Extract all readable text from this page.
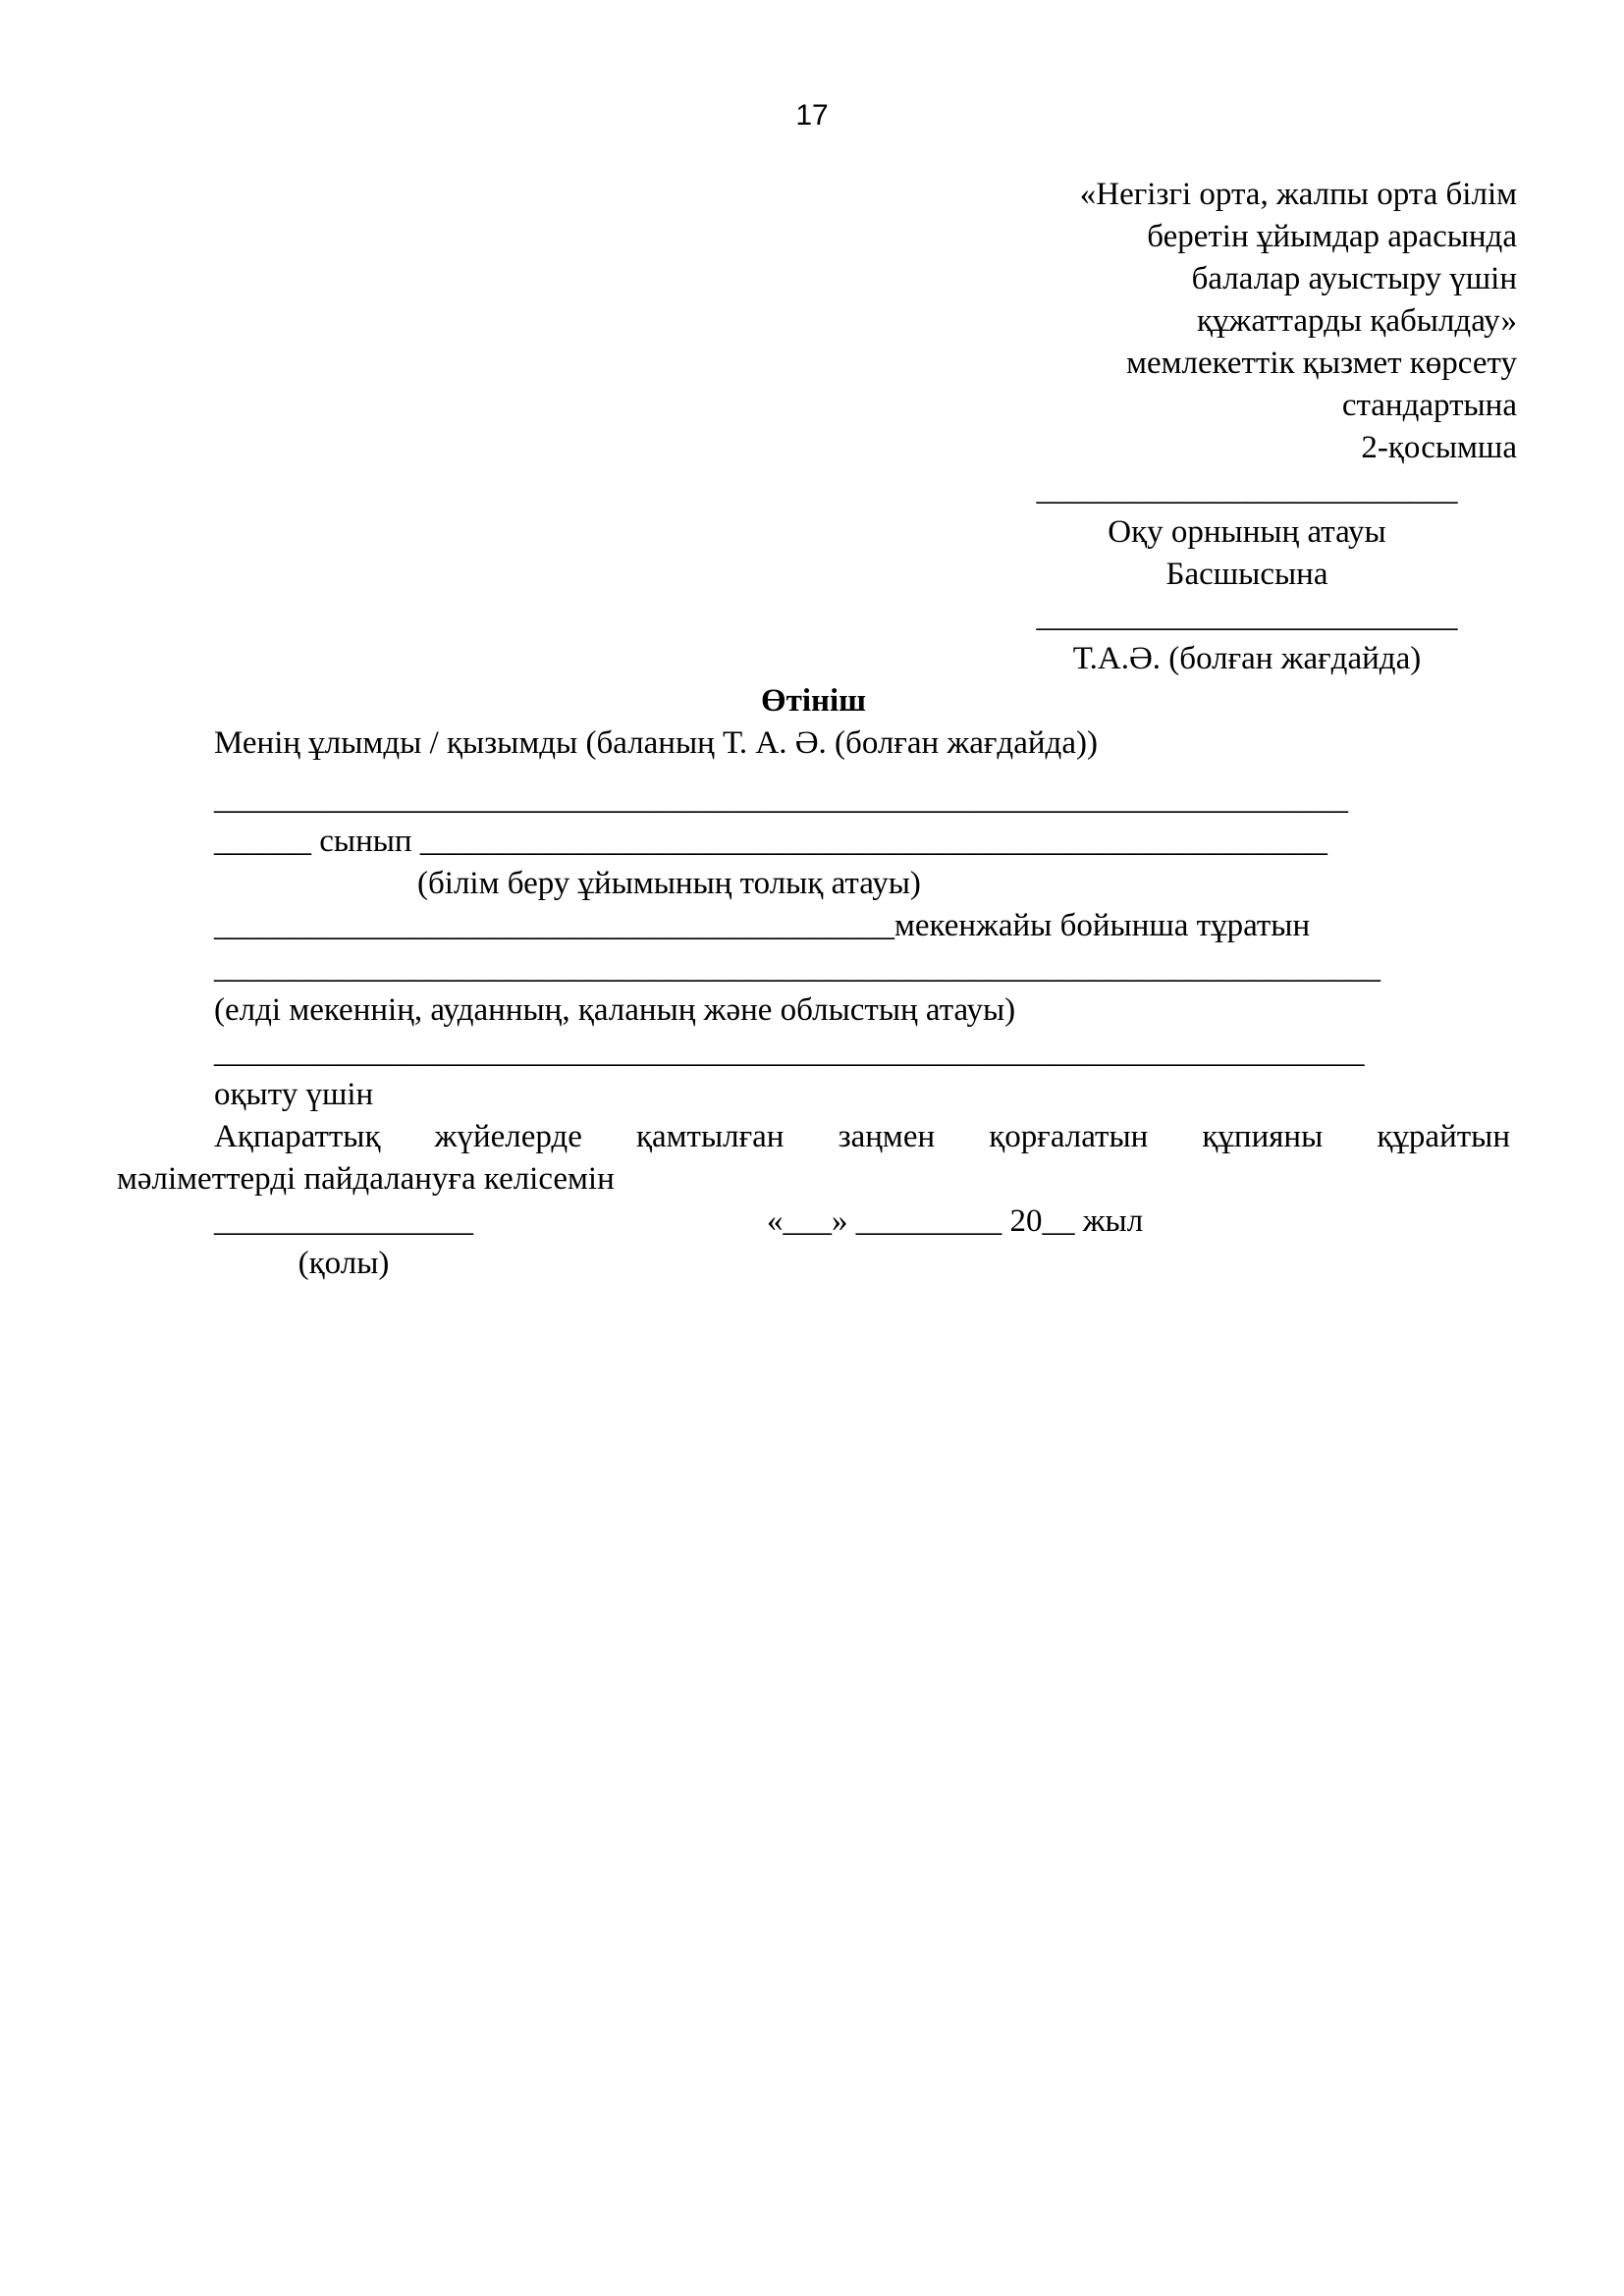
17
«Негізгі орта, жалпы орта білім
беретін ұйымдар арасында
балалар ауыстыру үшін
құжаттарды қабылдау»
мемлекеттік қызмет көрсету
стандартына
2-қосымша
__________________________
Оқу орнының атауы
Басшысына
__________________________
Т.А.Ә. (болған жағдайда)
Өтініш
Менің ұлымды / қызымды (баланың Т. А. Ә. (болған жағдайда))
______________________________________________________________________
______ сынып ________________________________________________________
(білім беру ұйымының толық атауы)
__________________________________________мекенжайы бойынша тұратын
________________________________________________________________________
(елді мекеннің, ауданның, қаланың және облыстың атауы)
_______________________________________________________________________
оқыту үшін
Ақпараттық жүйелерде қамтылған заңмен қорғалатын құпияны құрайтын
мәліметтерді пайдалануға келісемін
________________
(қолы)
«___» _________ 20__ жыл
